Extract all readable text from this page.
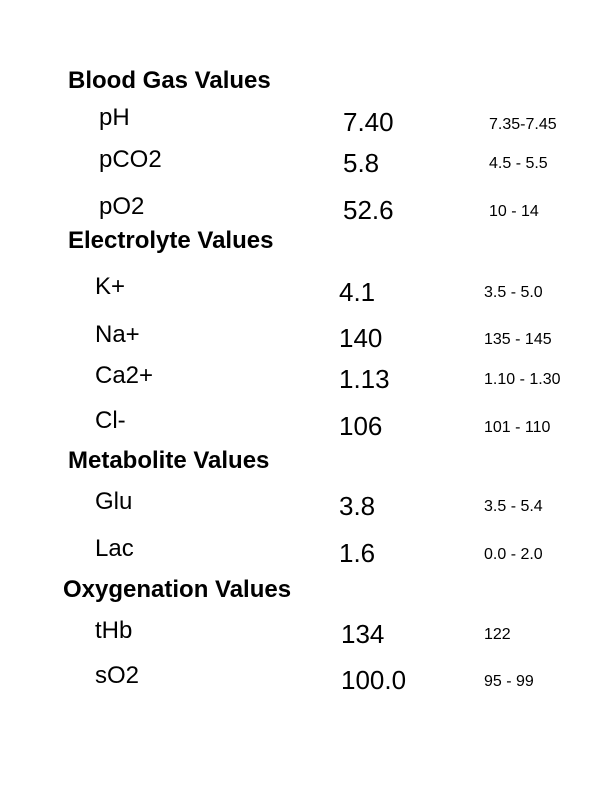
Blood Gas Values
pH	7.40	7.35-7.45
pCO2	5.8	4.5 - 5.5
pO2	52.6	10 - 14
Electrolyte Values
K+	4.1	3.5 - 5.0
Na+	140	135 - 145
Ca2+	1.13	1.10 - 1.30
Cl-	106	101 - 110
Metabolite Values
Glu	3.8	3.5 - 5.4
Lac	1.6	0.0 - 2.0
Oxygenation Values
tHb	134	122
sO2	100.0	95 - 99
